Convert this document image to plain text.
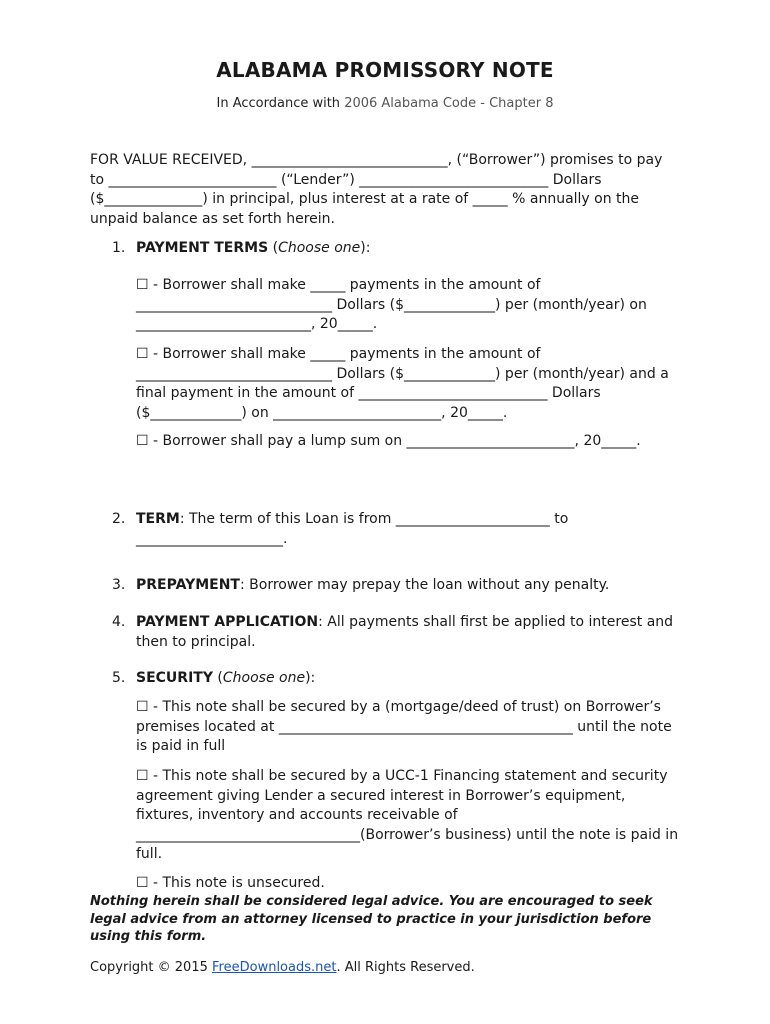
ALABAMA PROMISSORY NOTE
In Accordance with 2006 Alabama Code - Chapter 8
FOR VALUE RECEIVED, ____________________________, (“Borrower”) promises to pay to ________________________ (“Lender”) ___________________________ Dollars ($______________) in principal, plus interest at a rate of _____ % annually on the unpaid balance as set forth herein.
1. PAYMENT TERMS (Choose one):
☐ - Borrower shall make _____ payments in the amount of ____________________________ Dollars ($_____________) per (month/year) on _________________________, 20_____.
☐ - Borrower shall make _____ payments in the amount of ____________________________ Dollars ($_____________) per (month/year) and a final payment in the amount of ___________________________ Dollars ($_____________) on ________________________, 20_____.
☐ - Borrower shall pay a lump sum on ________________________, 20_____.
2. TERM: The term of this Loan is from ______________________ to _____________________.
3. PREPAYMENT: Borrower may prepay the loan without any penalty.
4. PAYMENT APPLICATION: All payments shall first be applied to interest and then to principal.
5. SECURITY (Choose one):
☐ - This note shall be secured by a (mortgage/deed of trust) on Borrower’s premises located at __________________________________________ until the note is paid in full
☐ - This note shall be secured by a UCC-1 Financing statement and security agreement giving Lender a secured interest in Borrower’s equipment, fixtures, inventory and accounts receivable of ________________________________(Borrower’s business) until the note is paid in full.
☐ - This note is unsecured.
Nothing herein shall be considered legal advice. You are encouraged to seek legal advice from an attorney licensed to practice in your jurisdiction before using this form.
Copyright © 2015 FreeDownloads.net. All Rights Reserved.
